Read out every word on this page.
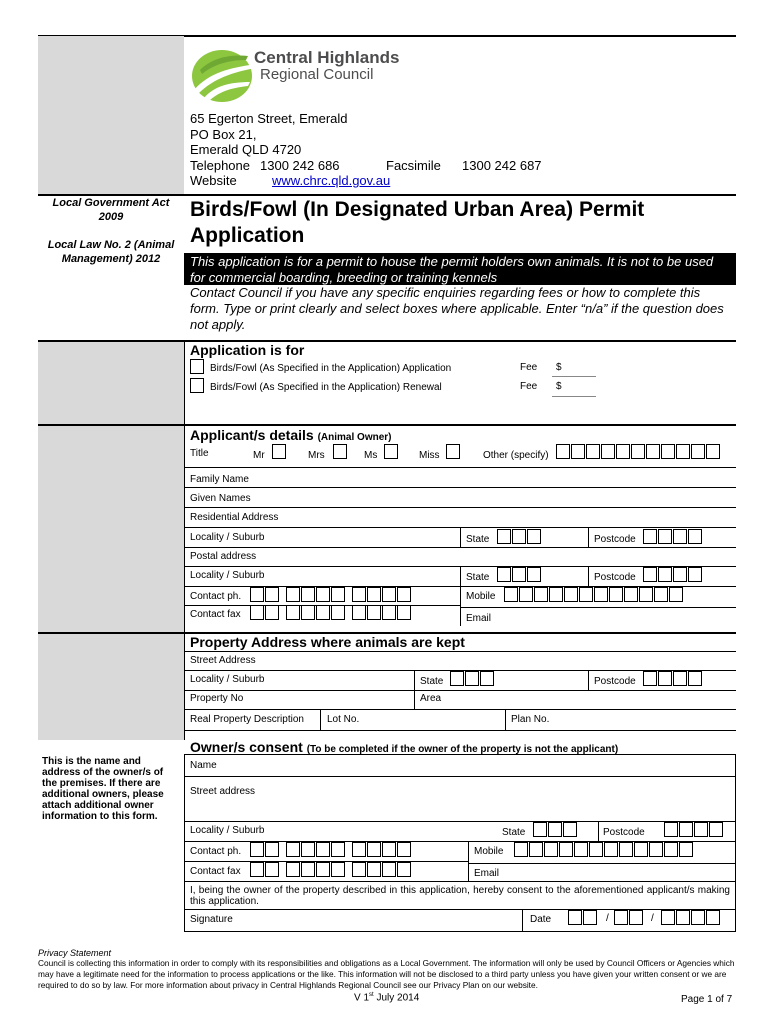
Central Highlands
Regional Council
65 Egerton Street, Emerald
PO Box 21,
Emerald QLD 4720
Telephone 1300 242 686	Facsimile 1300 242 687
Website	www.chrc.qld.gov.au
Local Government Act 2009
Local Law No. 2 (Animal Management) 2012
Birds/Fowl (In Designated Urban Area) Permit Application
This application is for a permit to house the permit holders own animals. It is not to be used for commercial boarding, breeding or training kennels
Contact Council if you have any specific enquiries regarding fees or how to complete this form. Type or print clearly and select boxes where applicable. Enter “n/a” if the question does not apply.
Application is for
Birds/Fowl (As Specified in the Application) Application	Fee $
Birds/Fowl (As Specified in the Application) Renewal	Fee $
Applicant/s details (Animal Owner)
Title	Mr	Mrs	Ms	Miss	Other (specify)
Family Name
Given Names
Residential Address
Locality / Suburb	State	Postcode
Postal address
Locality / Suburb	State	Postcode
Contact ph.	Mobile
Contact fax	Email
Property Address where animals are kept
Street Address
Locality / Suburb	State	Postcode
Property No	Area
Real Property Description Lot No.	Plan No.
Owner/s consent (To be completed if the owner of the property is not the applicant)
This is the name and address of the owner/s of the premises. If there are additional owners, please attach additional owner information to this form.
Name
Street address
Locality / Suburb	State	Postcode
Contact ph.	Mobile
Contact fax	Email
I, being the owner of the property described in this application, hereby consent to the aforementioned applicant/s making this application.
Signature	Date	/	/
Privacy Statement
Council is collecting this information in order to comply with its responsibilities and obligations as a Local Government. The information will only be used by Council Officers or Agencies which may have a legitimate need for the information to process applications or the like. This information will not be disclosed to a third party unless you have given your written consent or we are required to do so by law. For more information about privacy in Central Highlands Regional Council see our Privacy Plan on our website.
V 1st July 2014	Page 1 of 7
